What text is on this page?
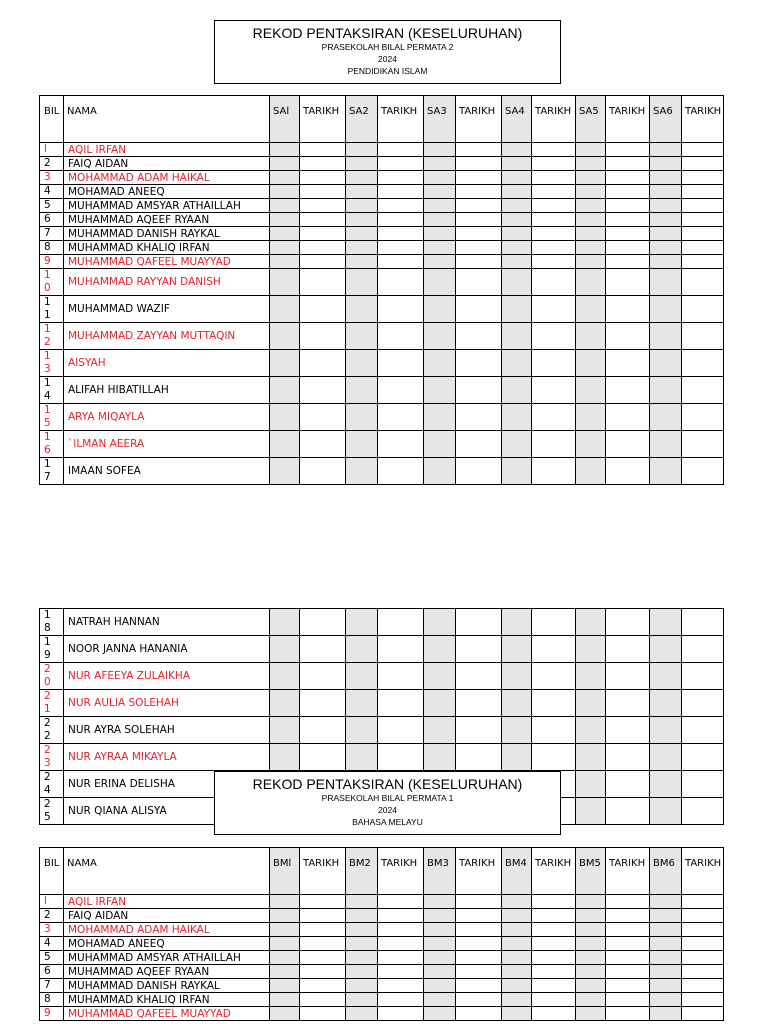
REKOD PENTAKSIRAN (KESELURUHAN)
PRASEKOLAH BILAL PERMATA 2
2024
PENDIDIKAN ISLAM
BIL	NAMA	SAl	TARIKH	SA2	TARIKH	SA3	TARIKH	SA4	TARIKH	SA5	TARIKH	SA6	TARIKH
l	AQIL IRFAN												
2	FAIQ AIDAN												
3	MOHAMMAD ADAM HAIKAL												
4	MOHAMAD ANEEQ												
5	MUHAMMAD AMSYAR ATHAILLAH												
6	MUHAMMAD AQEEF RYAAN												
7	MUHAMMAD DANISH RAYKAL												
8	MUHAMMAD KHALIQ IRFAN												
9	MUHAMMAD QAFEEL MUAYYAD												

10	MUHAMMAD RAYYAN DANISH												

11	MUHAMMAD WAZIF												

12	MUHAMMAD ZAYYAN MUTTAQIN												

13	AISYAH												

14	ALIFAH HIBATILLAH												

15	ARYA MIQAYLA												

16	`ILMAN AEERA												

17	IMAAN SOFEA												
18	NATRAH HANNAN												

19	NOOR JANNA HANANIA												

20	NUR AFEEYA ZULAIKHA												

21	NUR AULIA SOLEHAH												

22	NUR AYRA SOLEHAH												

23	NUR AYRAA MIKAYLA												

24	NUR ERINA DELISHA												

25	NUR QIANA ALISYA												
REKOD PENTAKSIRAN (KESELURUHAN)
PRASEKOLAH BILAL PERMATA 1
2024
BAHASA MELAYU
BIL	NAMA	BMl	TARIKH	BM2	TARIKH	BM3	TARIKH	BM4	TARIKH	BM5	TARIKH	BM6	TARIKH
l	AQIL IRFAN												
2	FAIQ AIDAN												
3	MOHAMMAD ADAM HAIKAL												
4	MOHAMAD ANEEQ												
5	MUHAMMAD AMSYAR ATHAILLAH												
6	MUHAMMAD AQEEF RYAAN												
7	MUHAMMAD DANISH RAYKAL												
8	MUHAMMAD KHALIQ IRFAN												
9	MUHAMMAD QAFEEL MUAYYAD												
